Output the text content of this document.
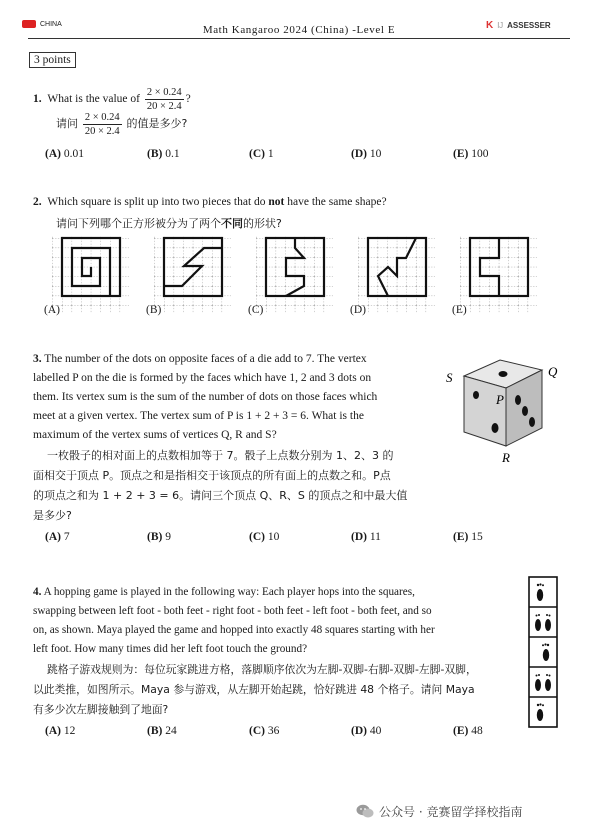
CHINA	Math Kangaroo 2024 (China) -Level E	K Ĳ ASSESSER
3 points
1. What is the value of $\frac{2 \times 0.24}{20 \times 2.4}$ ?
请问 $\frac{2 \times 0.24}{20 \times 2.4}$ 的值是多少?
(A) 0.01	(B) 0.1	(C) 1	(D) 10	(E) 100
2. Which square is split up into two pieces that do not have the same shape?
请问下列哪个正方形被分为了两个不同的形状?
(A)	(B)	(C)	(D)	(E)
3. The number of the dots on opposite faces of a die add to 7. The vertex
labelled P on the die is formed by the faces which have 1, 2 and 3 dots on
them. Its vertex sum is the sum of the number of dots on those faces which
meet at a given vertex. The vertex sum of P is 1 + 2 + 3 = 6. What is the
maximum of the vertex sums of vertices Q, R and S?
一枚骰子的相对面上的点数相加等于 7。骰子上点数分别为 1、2、3 的
面相交于顶点 P。顶点之和是指相交于该顶点的所有面上的点数之和。P点
的项点之和为 1 + 2 + 3 = 6。请问三个顶点 Q、R、S 的顶点之和中最大值
是多少?
S	Q
P
R
(A) 7	(B) 9	(C) 10	(D) 11	(E) 15
4. A hopping game is played in the following way: Each player hops into the squares,
swapping between left foot - both feet - right foot - both feet - left foot - both feet, and so
on, as shown. Maya played the game and hopped into exactly 48 squares starting with her
left foot. How many times did her left foot touch the ground?
跳格子游戏规则为：每位玩家跳进方格，落脚顺序依次为左脚-双脚-右脚-双脚-左脚-双脚，
以此类推，如图所示。Maya 参与游戏，从左脚开始起跳，恰好跳进 48 个格子。请问 Maya
有多少次左脚接触到了地面?
(A) 12	(B) 24	(C) 36	(D) 40	(E) 48
公众号 · 竞赛留学择校指南
